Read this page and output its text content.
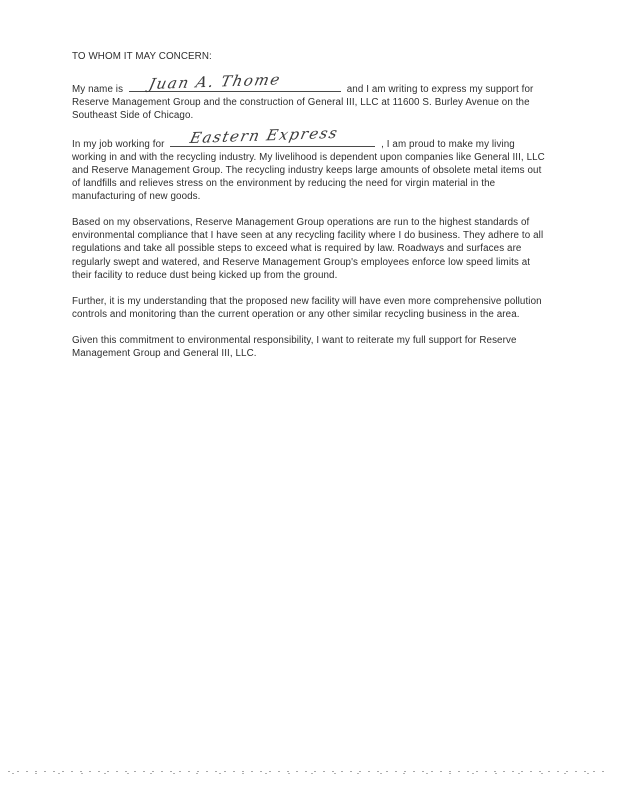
TO WHOM IT MAY CONCERN:

My name is Juan A. Thome	and I am writing to express my support for Reserve Management Group and the construction of General III, LLC at 11600 S. Burley Avenue on the Southeast Side of Chicago.

In my job working for Eastern Express	, I am proud to make my living working in and with the recycling industry. My livelihood is dependent upon companies like General III, LLC and Reserve Management Group. The recycling industry keeps large amounts of obsolete metal items out of landfills and relieves stress on the environment by reducing the need for virgin material in the manufacturing of new goods.

Based on my observations, Reserve Management Group operations are run to the highest standards of environmental compliance that I have seen at any recycling facility where I do business. They adhere to all regulations and take all possible steps to exceed what is required by law. Roadways and surfaces are regularly swept and watered, and Reserve Management Group's employees enforce low speed limits at their facility to reduce dust being kicked up from the ground.

Further, it is my understanding that the proposed new facility will have even more comprehensive pollution controls and monitoring than the current operation or any other similar recycling business in the area.

Given this commitment to environmental responsibility, I want to reiterate my full support for Reserve Management Group and General III, LLC.
